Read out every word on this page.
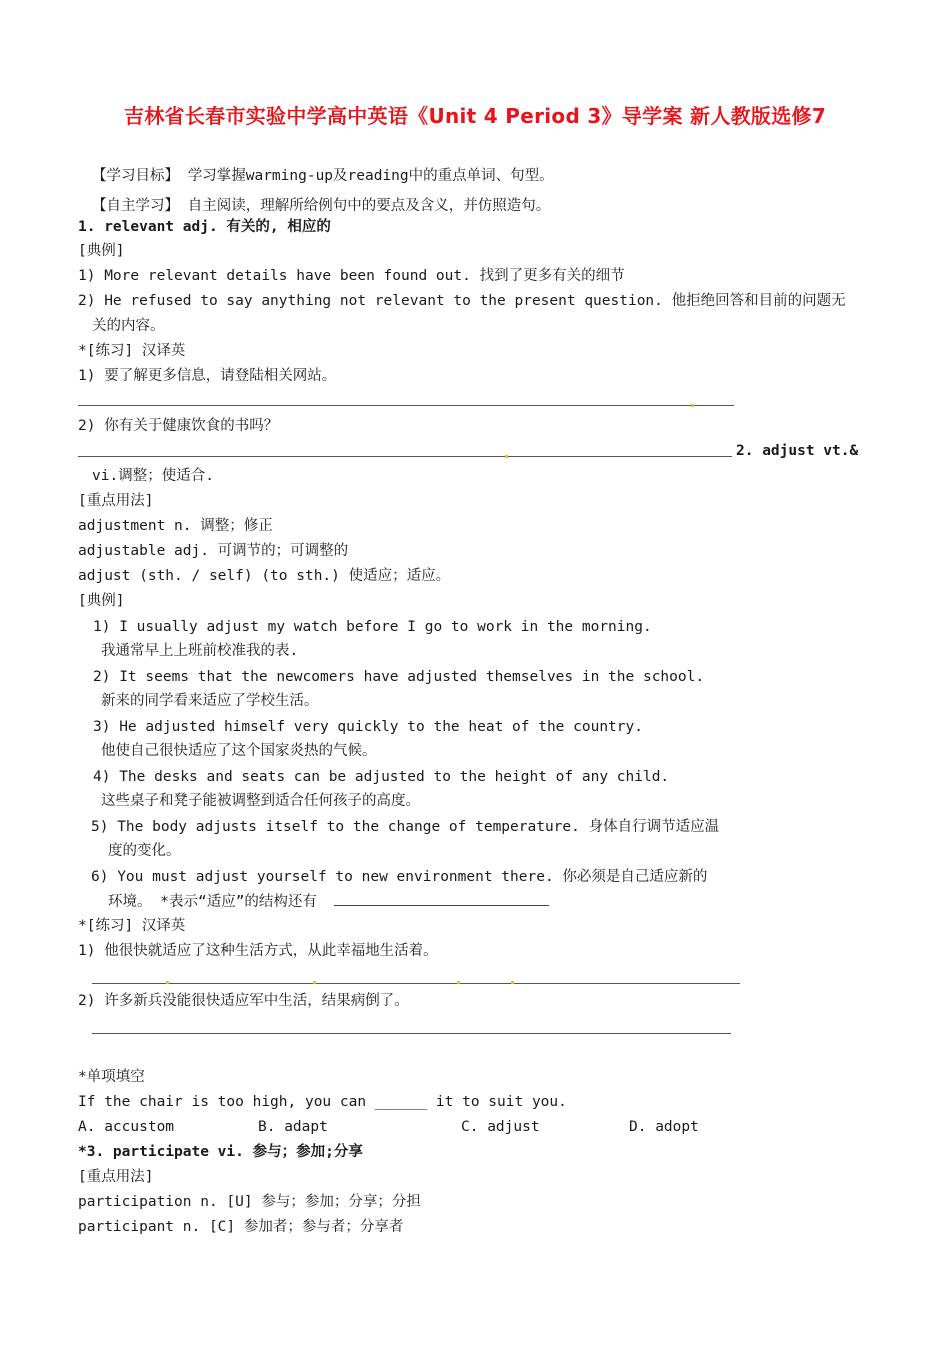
吉林省长春市实验中学高中英语《Unit 4 Period 3》导学案 新人教版选修7
【学习目标】 学习掌握warming-up及reading中的重点单词、句型。
【自主学习】 自主阅读，理解所给例句中的要点及含义，并仿照造句。
1. relevant adj. 有关的, 相应的
[典例]
1) More relevant details have been found out. 找到了更多有关的细节
2) He refused to say anything not relevant to the present question. 他拒绝回答和目前的问题无
关的内容。
*[练习] 汉译英
1) 要了解更多信息，请登陆相关网站。
2) 你有关于健康饮食的书吗？
2. adjust vt.&
vi.调整；使适合.
[重点用法]
adjustment n. 调整；修正
adjustable adj. 可调节的；可调整的
adjust (sth. / self) (to sth.) 使适应；适应。
[典例]
1) I usually adjust my watch before I go to work in the morning.
我通常早上上班前校准我的表.
2) It seems that the newcomers have adjusted themselves in the school.
新来的同学看来适应了学校生活。
3) He adjusted himself very quickly to the heat of the country.
他使自己很快适应了这个国家炎热的气候。
4) The desks and seats can be adjusted to the height of any child.
这些桌子和凳子能被调整到适合任何孩子的高度。
5) The body adjusts itself to the change of temperature. 身体自行调节适应温
度的变化。
6) You must adjust yourself to new environment there. 你必须是自己适应新的
环境。 *表示“适应”的结构还有
*[练习] 汉译英
1) 他很快就适应了这种生活方式，从此幸福地生活着。
2) 许多新兵没能很快适应军中生活，结果病倒了。
*单项填空
If the chair is too high, you can ______ it to suit you.
A. accustom	B. adapt	C. adjust	D. adopt
*3. participate vi. 参与；参加;分享
[重点用法]
participation n. [U] 参与；参加；分享；分担
participant n. [C] 参加者；参与者；分享者
